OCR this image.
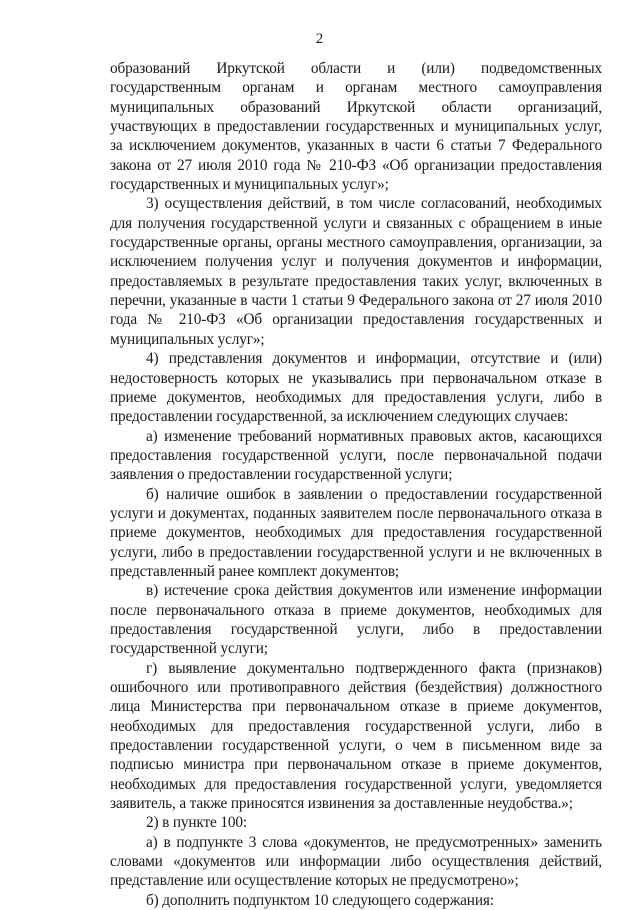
2

образований Иркутской области и (или) подведомственных государственным органам и органам местного самоуправления муниципальных образований Иркутской области организаций, участвующих в предоставлении государственных и муниципальных услуг, за исключением документов, указанных в части 6 статьи 7 Федерального закона от 27 июля 2010 года № 210-ФЗ «Об организации предоставления государственных и муниципальных услуг»;

3) осуществления действий, в том числе согласований, необходимых для получения государственной услуги и связанных с обращением в иные государственные органы, органы местного самоуправления, организации, за исключением получения услуг и получения документов и информации, предоставляемых в результате предоставления таких услуг, включенных в перечни, указанные в части 1 статьи 9 Федерального закона от 27 июля 2010 года № 210-ФЗ «Об организации предоставления государственных и муниципальных услуг»;

4) представления документов и информации, отсутствие и (или) недостоверность которых не указывались при первоначальном отказе в приеме документов, необходимых для предоставления услуги, либо в предоставлении государственной, за исключением следующих случаев:

а) изменение требований нормативных правовых актов, касающихся предоставления государственной услуги, после первоначальной подачи заявления о предоставлении государственной услуги;

б) наличие ошибок в заявлении о предоставлении государственной услуги и документах, поданных заявителем после первоначального отказа в приеме документов, необходимых для предоставления государственной услуги, либо в предоставлении государственной услуги и не включенных в представленный ранее комплект документов;

в) истечение срока действия документов или изменение информации после первоначального отказа в приеме документов, необходимых для предоставления государственной услуги, либо в предоставлении государственной услуги;

г) выявление документально подтвержденного факта (признаков) ошибочного или противоправного действия (бездействия) должностного лица Министерства при первоначальном отказе в приеме документов, необходимых для предоставления государственной услуги, либо в предоставлении государственной услуги, о чем в письменном виде за подписью министра при первоначальном отказе в приеме документов, необходимых для предоставления государственной услуги, уведомляется заявитель, а также приносятся извинения за доставленные неудобства.»;

2) в пункте 100:

а) в подпункте 3 слова «документов, не предусмотренных» заменить словами «документов или информации либо осуществления действий, представление или осуществление которых не предусмотрено»;

б) дополнить подпунктом 10 следующего содержания:
